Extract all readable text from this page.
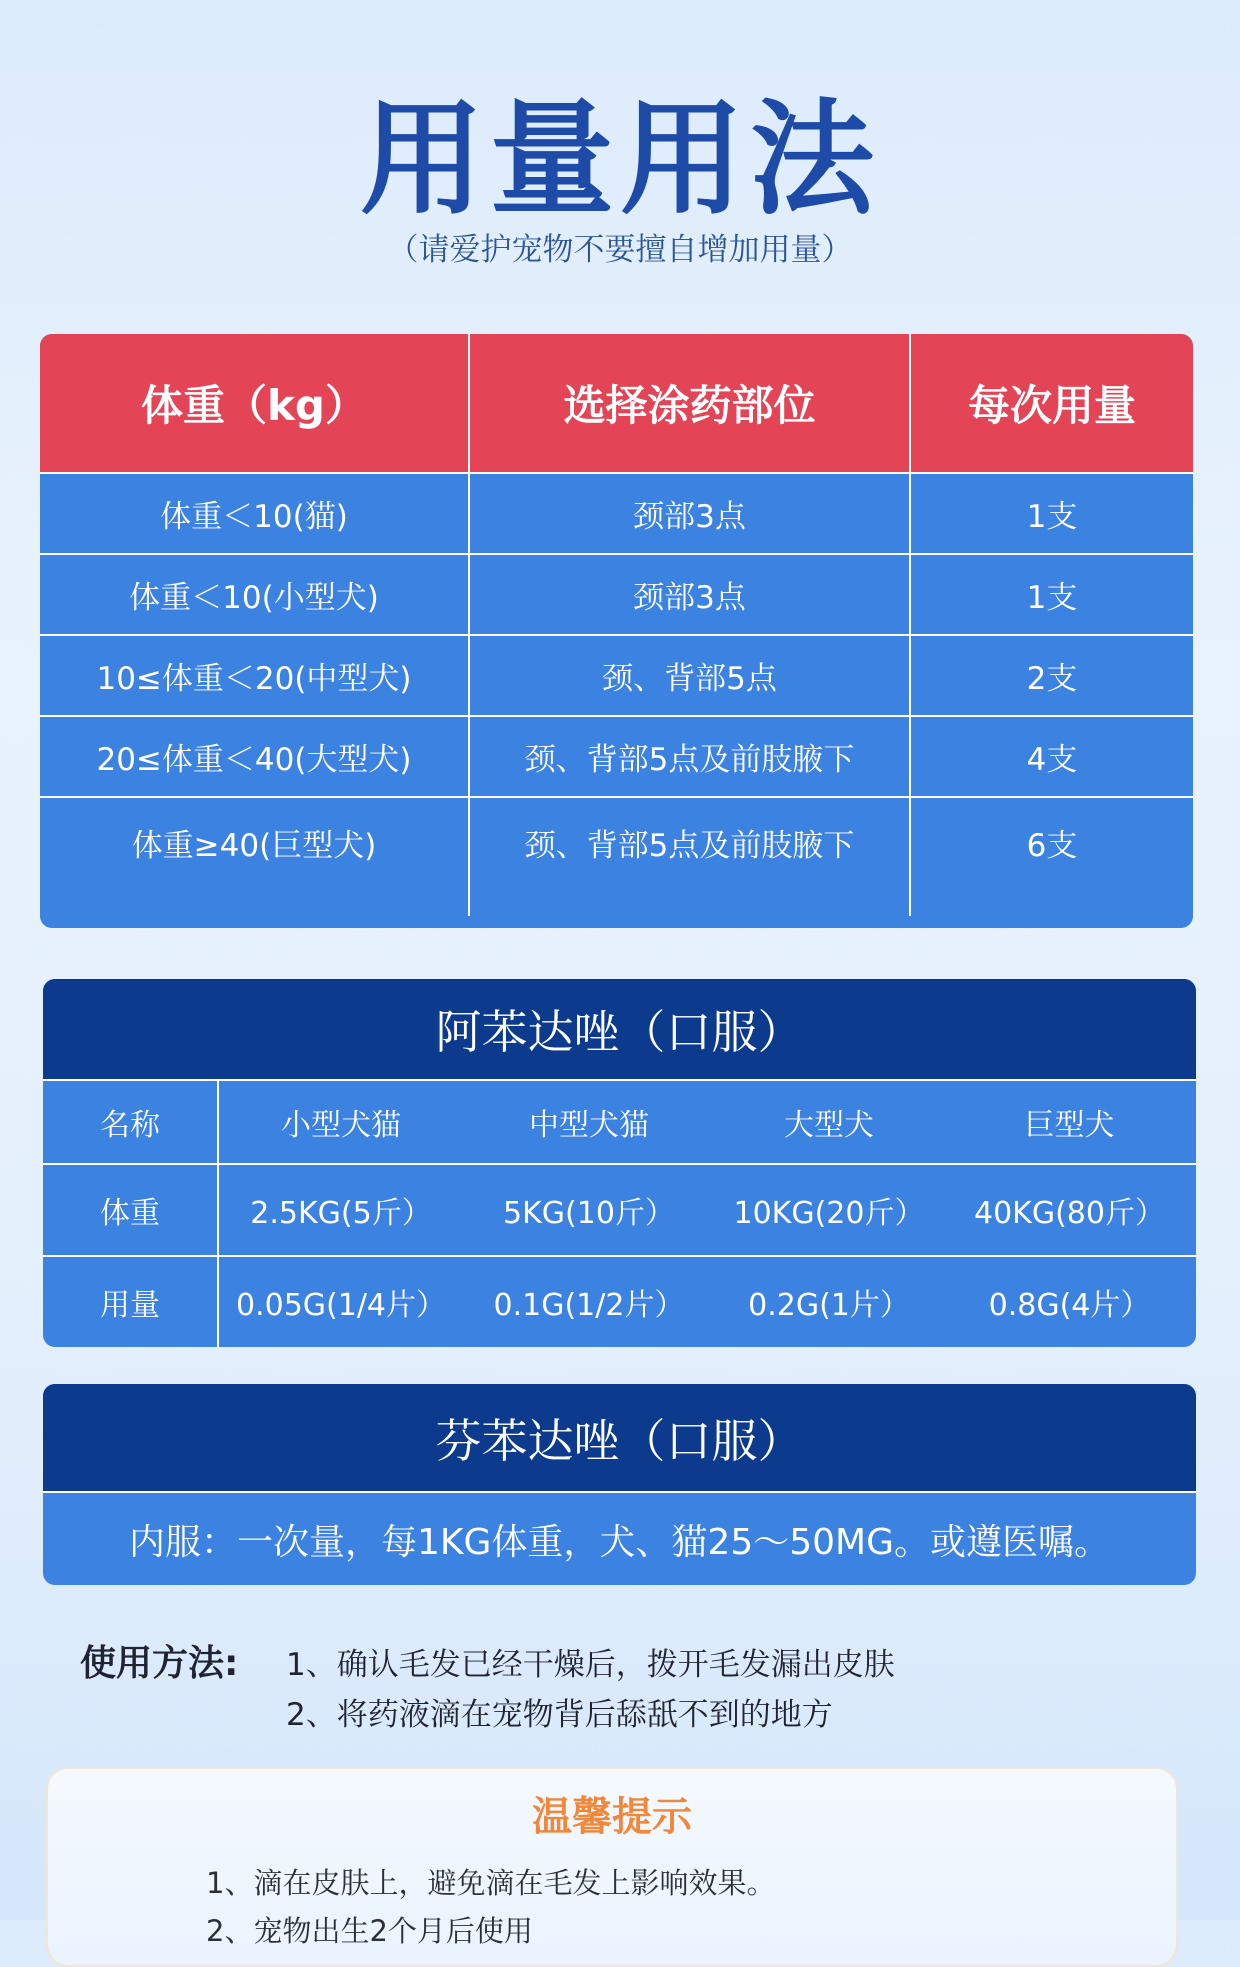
用量用法
（请爱护宠物不要擅自增加用量）
体重（kg）	选择涂药部位	每次用量
体重＜10(猫)	颈部3点	1支
体重＜10(小型犬)	颈部3点	1支
10≤体重＜20(中型犬)	颈、背部5点	2支
20≤体重＜40(大型犬)	颈、背部5点及前肢腋下	4支
体重≥40(巨型犬)	颈、背部5点及前肢腋下	6支
阿苯达唑（口服）
名称	小型犬猫	中型犬猫	大型犬	巨型犬
体重	2.5KG(5斤）	5KG(10斤）	10KG(20斤）	40KG(80斤）
用量	0.05G(1/4片）	0.1G(1/2片）	0.2G(1片）	0.8G(4片）
芬苯达唑（口服）
内服：一次量，每1KG体重，犬、猫25～50MG。或遵医嘱。
使用方法: 1、确认毛发已经干燥后，拨开毛发漏出皮肤
2、将药液滴在宠物背后舔舐不到的地方
温馨提示
1、滴在皮肤上，避免滴在毛发上影响效果。
2、宠物出生2个月后使用
